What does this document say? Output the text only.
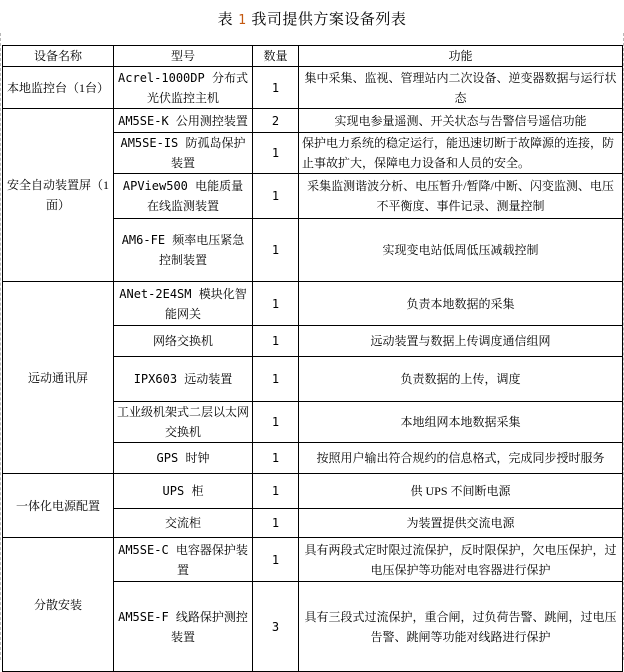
表 1 我司提供方案设备列表
设备名称	型号	数量	功能
本地监控台（1台）	Acrel-1000DP 分布式光伏监控主机	1	集中采集、监视、管理站内二次设备、逆变器数据与运行状态
安全自动装置屏（1面）	AM5SE-K 公用测控装置	2	实现电参量遥测、开关状态与告警信号遥信功能
	AM5SE-IS 防孤岛保护装置	1	保护电力系统的稳定运行，能迅速切断于故障源的连接，防止事故扩大，保障电力设备和人员的安全。
	APView500 电能质量在线监测装置	1	采集监测谐波分析、电压暂升/暂降/中断、闪变监测、电压不平衡度、事件记录、测量控制
	AM6-FE 频率电压紧急控制装置	1	实现变电站低周低压减载控制
远动通讯屏	ANet-2E4SM 模块化智能网关	1	负责本地数据的采集
	网络交换机	1	远动装置与数据上传调度通信组网
	IPX603 远动装置	1	负责数据的上传，调度
	工业级机架式二层以太网交换机	1	本地组网本地数据采集
	GPS 时钟	1	按照用户输出符合规约的信息格式，完成同步授时服务
一体化电源配置	UPS 柜	1	供 UPS 不间断电源
	交流柜	1	为装置提供交流电源
分散安装	AM5SE-C 电容器保护装置	1	具有两段式定时限过流保护，反时限保护，欠电压保护，过电压保护等功能对电容器进行保护
	AM5SE-F 线路保护测控装置	3	具有三段式过流保护，重合闸，过负荷告警、跳闸，过电压告警、跳闸等功能对线路进行保护
